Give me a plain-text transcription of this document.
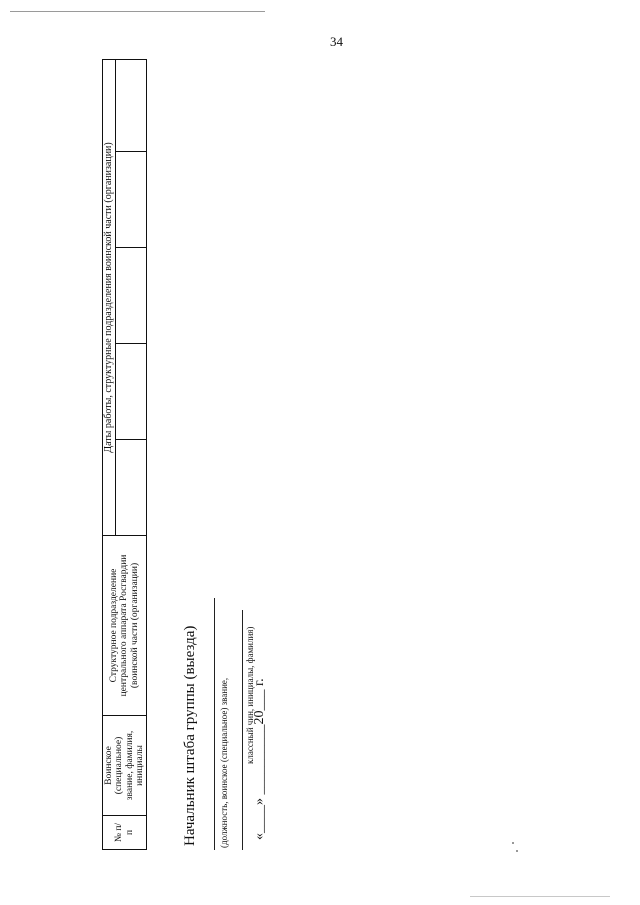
34
№ п/п	Воинское (специальное) звание, фамилия, инициалы	Структурное подразделение центрального аппарата Росгвардии (воинской части (организации)	Даты работы, структурные подразделения воинской части (организации)				

Начальник штаба группы (выезда) (должность, воинское (специальное) звание, классный чин, инициалы, фамилия)
«____» __________20___ г.
